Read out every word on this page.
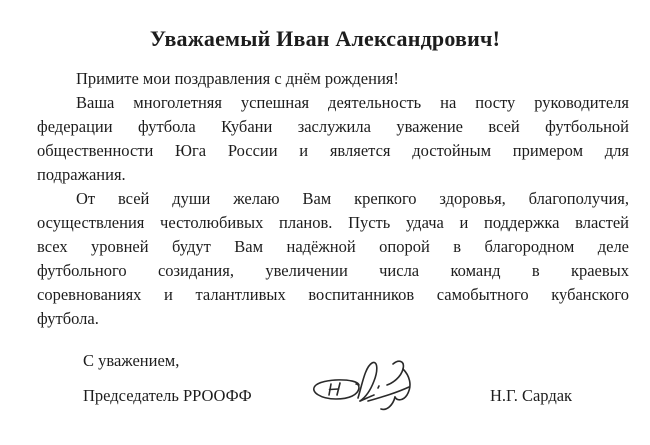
Уважаемый Иван Александрович!
Примите мои поздравления с днём рождения!
Ваша многолетняя успешная деятельность на посту руководителя
федерации футбола Кубани заслужила уважение всей футбольной
общественности Юга России и является достойным примером для
подражания.
От всей души желаю Вам крепкого здоровья, благополучия,
осуществления честолюбивых планов. Пусть удача и поддержка властей
всех уровней будут Вам надёжной опорой в благородном деле
футбольного созидания, увеличении числа команд в краевых
соревнованиях и талантливых воспитанников самобытного кубанского
футбола.
С уважением,
Председатель РРООФФ	Н.Г. Сардак
